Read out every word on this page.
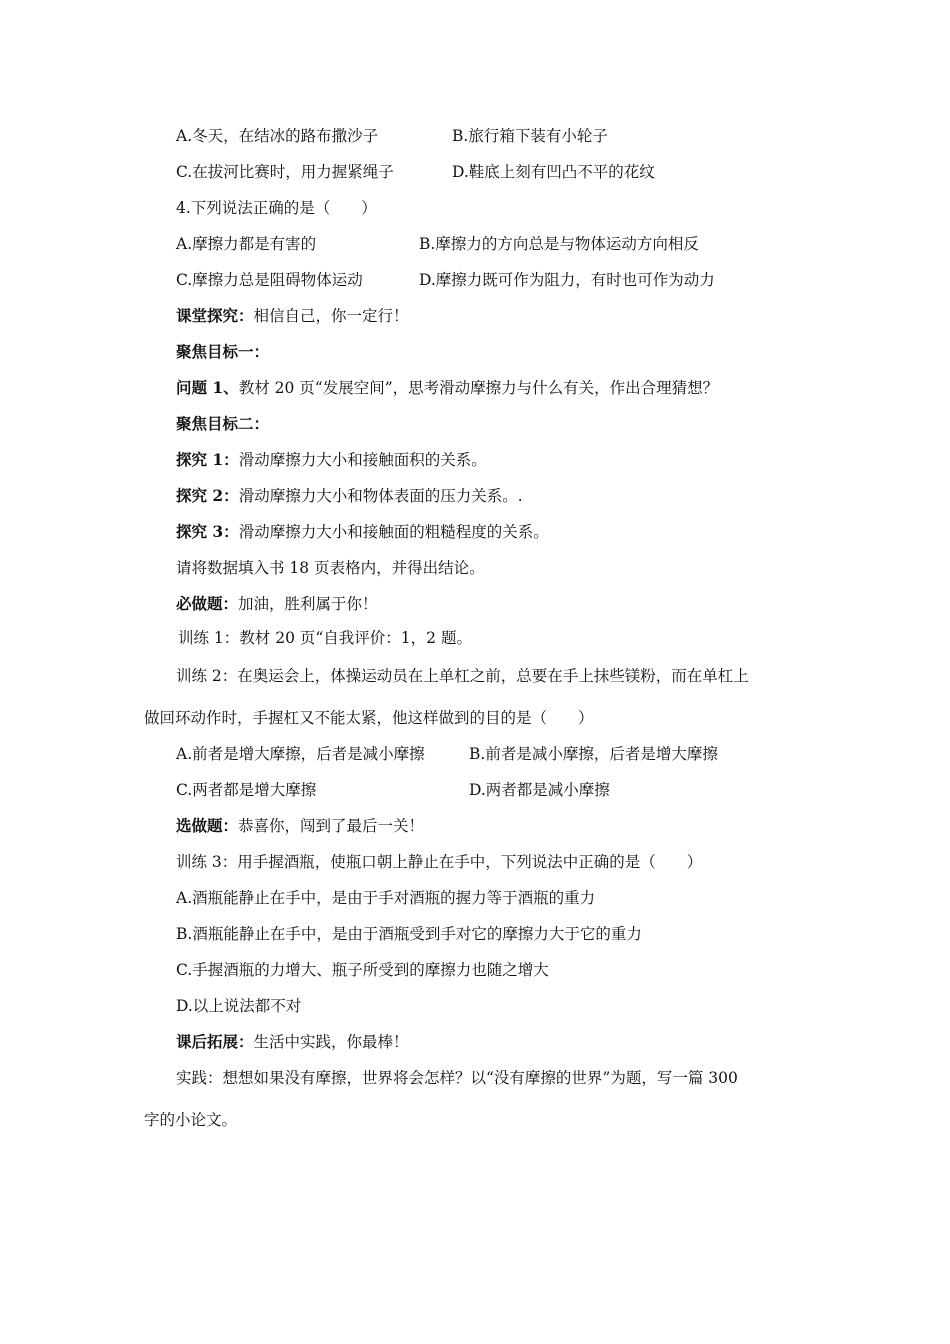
A.冬天，在结冰的路布撒沙子	B.旅行箱下装有小轮子
C.在拔河比赛时，用力握紧绳子	D.鞋底上刻有凹凸不平的花纹
4.下列说法正确的是（　　）
A.摩擦力都是有害的	B.摩擦力的方向总是与物体运动方向相反
C.摩擦力总是阻碍物体运动	D.摩擦力既可作为阻力，有时也可作为动力
课堂探究：相信自己，你一定行！
聚焦目标一：
问题 1、教材 20 页“发展空间”，思考滑动摩擦力与什么有关，作出合理猜想？
聚焦目标二：
探究 1：滑动摩擦力大小和接触面积的关系。
探究 2：滑动摩擦力大小和物体表面的压力关系。.
探究 3：滑动摩擦力大小和接触面的粗糙程度的关系。
请将数据填入书 18 页表格内，并得出结论。
必做题：加油，胜利属于你！
训练 1：教材 20 页“自我评价：1，2 题。
训练 2：在奥运会上，体操运动员在上单杠之前，总要在手上抹些镁粉，而在单杠上
做回环动作时，手握杠又不能太紧，他这样做到的目的是（　　）
A.前者是增大摩擦，后者是减小摩擦	B.前者是减小摩擦，后者是增大摩擦
C.两者都是增大摩擦	D.两者都是减小摩擦
选做题：恭喜你，闯到了最后一关！
训练 3：用手握酒瓶，使瓶口朝上静止在手中，下列说法中正确的是（　　）
A.酒瓶能静止在手中，是由于手对酒瓶的握力等于酒瓶的重力
B.酒瓶能静止在手中，是由于酒瓶受到手对它的摩擦力大于它的重力
C.手握酒瓶的力增大、瓶子所受到的摩擦力也随之增大
D.以上说法都不对
课后拓展：生活中实践，你最棒！
实践：想想如果没有摩擦，世界将会怎样？以“没有摩擦的世界”为题，写一篇 300
字的小论文。
